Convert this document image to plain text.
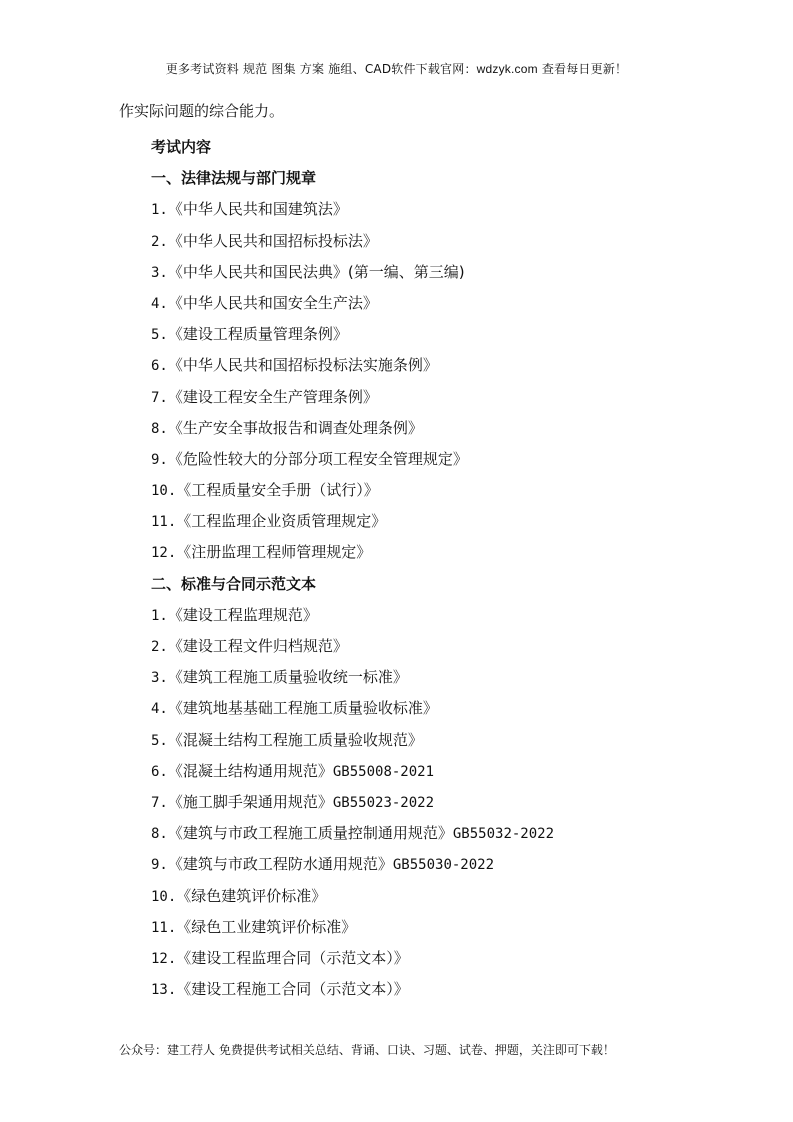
更多考试资料 规范 图集 方案 施组、CAD软件下载官网：wdzyk.com 查看每日更新！
作实际问题的综合能力。
考试内容
一、法律法规与部门规章
1.《中华人民共和国建筑法》
2.《中华人民共和国招标投标法》
3.《中华人民共和国民法典》(第一编、第三编)
4.《中华人民共和国安全生产法》
5.《建设工程质量管理条例》
6.《中华人民共和国招标投标法实施条例》
7.《建设工程安全生产管理条例》
8.《生产安全事故报告和调查处理条例》
9.《危险性较大的分部分项工程安全管理规定》
10.《工程质量安全手册（试行）》
11.《工程监理企业资质管理规定》
12.《注册监理工程师管理规定》
二、标准与合同示范文本
1.《建设工程监理规范》
2.《建设工程文件归档规范》
3.《建筑工程施工质量验收统一标准》
4.《建筑地基基础工程施工质量验收标准》
5.《混凝土结构工程施工质量验收规范》
6.《混凝土结构通用规范》GB55008-2021
7.《施工脚手架通用规范》GB55023-2022
8.《建筑与市政工程施工质量控制通用规范》GB55032-2022
9.《建筑与市政工程防水通用规范》GB55030-2022
10.《绿色建筑评价标准》
11.《绿色工业建筑评价标准》
12.《建设工程监理合同（示范文本）》
13.《建设工程施工合同（示范文本）》
公众号：建工荇人 免费提供考试相关总结、背诵、口诀、习题、试卷、押题，关注即可下载！
